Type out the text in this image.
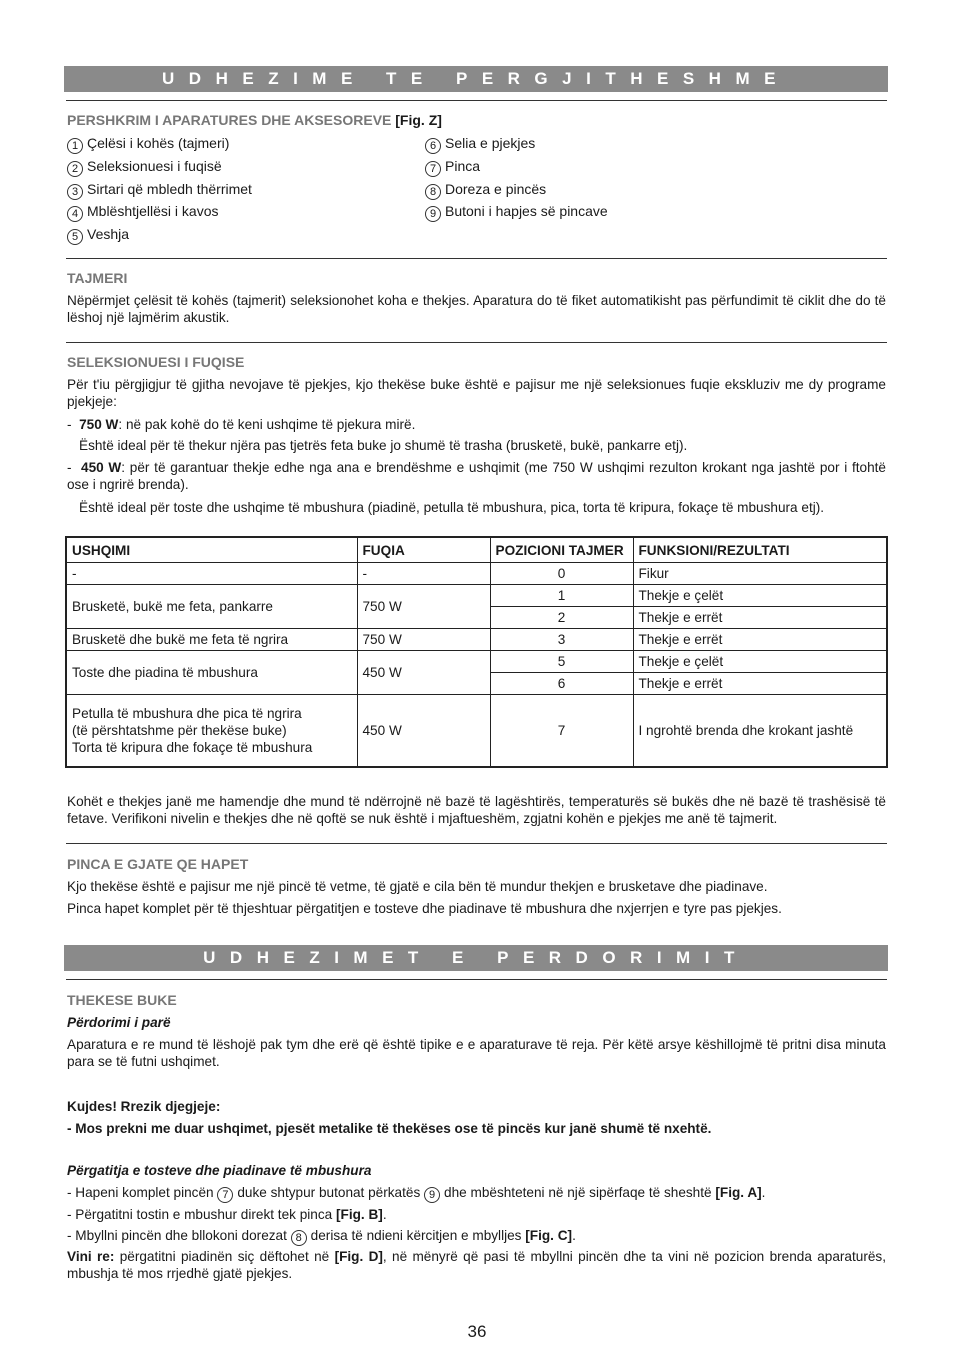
UDHEZIME TE PERGJITHESHME
PERSHKRIM I APARATURES DHE AKSESOREVE [Fig. Z]
1 Çelësi i kohës (tajmeri)
2 Seleksionuesi i fuqisë
3 Sirtari që mbledh thërrimet
4 Mblështjellësi i kavos
5 Veshja
6 Selia e pjekjes
7 Pinca
8 Doreza e pincës
9 Butoni i hapjes së pincave
TAJMERI
Nëpërmjet çelësit të kohës (tajmerit) seleksionohet koha e thekjes. Aparatura do të fiket automatikisht pas përfundimit të ciklit dhe do të lëshoj një lajmërim akustik.
SELEKSIONUESI I FUQISE
Për t'iu përgjigjur të gjitha nevojave të pjekjes, kjo thekëse buke është e pajisur me një seleksionues fuqie ekskluziv me dy programe pjekjeje:
- 750 W: në pak kohë do të keni ushqime të pjekura mirë.
Është ideal për të thekur njëra pas tjetrës feta buke jo shumë të trasha (brusketë, bukë, pankarre etj).
- 450 W: për të garantuar thekje edhe nga ana e brendëshme e ushqimit (me 750 W ushqimi rezulton krokant nga jashtë por i ftohtë ose i ngrirë brenda).
Është ideal për toste dhe ushqime të mbushura (piadinë, petulla të mbushura, pica, torta të kripura, fokaçe të mbushura etj).
USHQIMI	FUQIA	POZICIONI TAJMER	FUNKSIONI/REZULTATI
-	-	0	Fikur
Brusketë, bukë me feta, pankarre	750 W	1	Thekje e çelët
		2	Thekje e errët
Brusketë dhe bukë me feta të ngrira	750 W	3	Thekje e errët
Toste dhe piadina të mbushura	450 W	5	Thekje e çelët
		6	Thekje e errët

Petulla të mbushura dhe pica të ngrira
(të përshtatshme për thekëse buke)
Torta të kripura dhe fokaçe të mbushura	450 W	7	I ngrohtë brenda dhe krokant jashtë
Kohët e thekjes janë me hamendje dhe mund të ndërrojnë në bazë të lagështirës, temperaturës së bukës dhe në bazë të trashësisë të fetave. Verifikoni nivelin e thekjes dhe në qoftë se nuk është i mjaftueshëm, zgjatni kohën e pjekjes me anë të tajmerit.
PINCA E GJATE QE HAPET
Kjo thekëse është e pajisur me një pincë të vetme, të gjatë e cila bën të mundur thekjen e brusketave dhe piadinave.
Pinca hapet komplet për të thjeshtuar përgatitjen e tosteve dhe piadinave të mbushura dhe nxjerrjen e tyre pas pjekjes.
UDHEZIMET E PERDORIMIT
THEKESE BUKE
Përdorimi i parë
Aparatura e re mund të lëshojë pak tym dhe erë që është tipike e e aparaturave të reja. Për këtë arsye këshillojmë të pritni disa minuta para se të futni ushqimet.
Kujdes! Rrezik djegjeje:
- Mos prekni me duar ushqimet, pjesët metalike të thekëses ose të pincës kur janë shumë të nxehtë.
Përgatitja e tosteve dhe piadinave të mbushura
- Hapeni komplet pincën 7 duke shtypur butonat përkatës 9 dhe mbështeteni në një sipërfaqe të sheshtë [Fig. A].
- Përgatitni tostin e mbushur direkt tek pinca [Fig. B].
- Mbyllni pincën dhe bllokoni dorezat 8 derisa të ndieni kërcitjen e mbylljes [Fig. C].
Vini re: përgatitni piadinën siç dëftohet në [Fig. D], në mënyrë që pasi të mbyllni pincën dhe ta vini në pozicion brenda aparaturës, mbushja të mos rrjedhë gjatë pjekjes.
36
